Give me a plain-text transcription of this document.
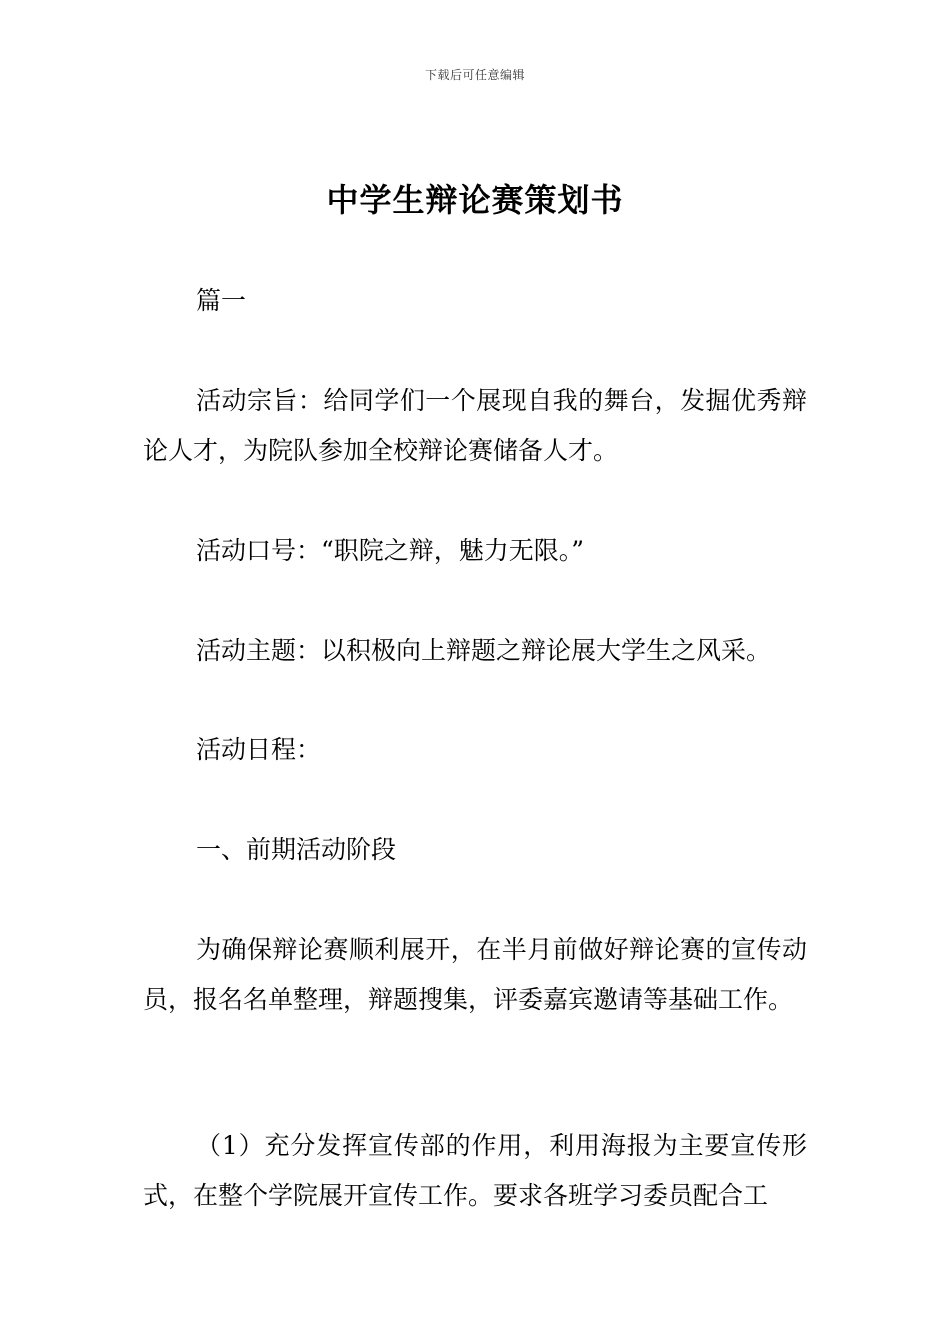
下载后可任意编辑
中学生辩论赛策划书

篇一

活动宗旨：给同学们一个展现自我的舞台，发掘优秀辩论人才，为院队参加全校辩论赛储备人才。

活动口号：“职院之辩，魅力无限。”

活动主题：以积极向上辩题之辩论展大学生之风采。

活动日程：

一、前期活动阶段

为确保辩论赛顺利展开，在半月前做好辩论赛的宣传动员，报名名单整理，辩题搜集，评委嘉宾邀请等基础工作。

（1）充分发挥宣传部的作用，利用海报为主要宣传形式，在整个学院展开宣传工作。要求各班学习委员配合工
